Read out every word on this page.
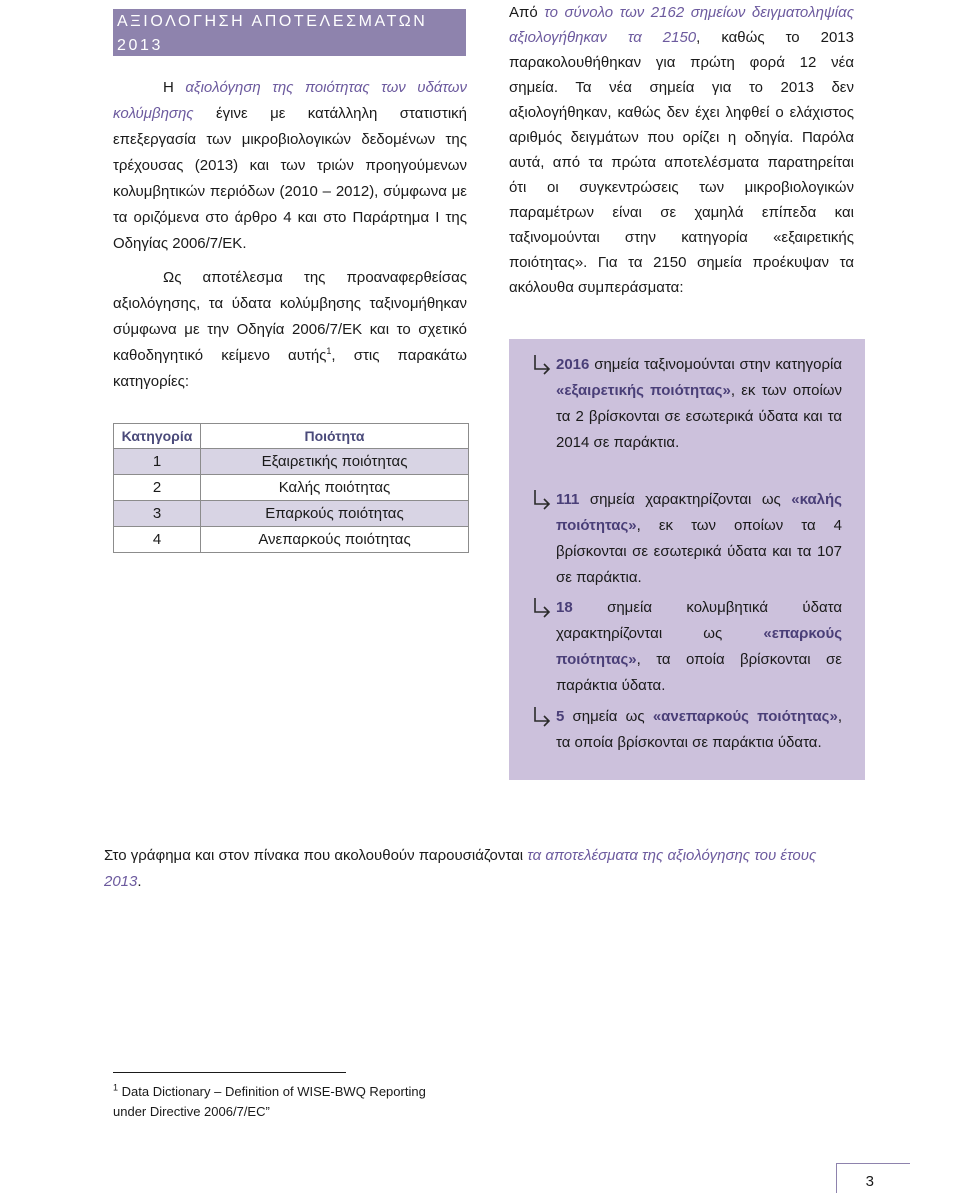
ΑΞΙΟΛΟΓΗΣΗ ΑΠΟΤΕΛΕΣΜΑΤΩΝ 2013

Η αξιολόγηση της ποιότητας των υδάτων κολύμβησης έγινε με κατάλληλη στατιστική επεξεργασία των μικροβιολογικών δεδομένων της τρέχουσας (2013) και των τριών προηγούμενων κολυμβητικών περιόδων (2010 – 2012), σύμφωνα με τα οριζόμενα στο άρθρο 4 και στο Παράρτημα Ι της Οδηγίας 2006/7/ΕΚ.

Ως αποτέλεσμα της προαναφερθείσας αξιολόγησης, τα ύδατα κολύμβησης ταξινομήθηκαν σύμφωνα με την Οδηγία 2006/7/ΕΚ και το σχετικό καθοδηγητικό κείμενο αυτής$^1$, στις παρακάτω κατηγορίες:

Κατηγορία	Ποιότητα
1	Εξαιρετικής ποιότητας
2	Καλής ποιότητας
3	Επαρκούς ποιότητας
4	Ανεπαρκούς ποιότητας

Από το σύνολο των 2162 σημείων δειγματοληψίας αξιολογήθηκαν τα 2150, καθώς το 2013 παρακολουθήθηκαν για πρώτη φορά 12 νέα σημεία. Τα νέα σημεία για το 2013 δεν αξιολογήθηκαν, καθώς δεν έχει ληφθεί ο ελάχιστος αριθμός δειγμάτων που ορίζει η οδηγία. Παρόλα αυτά, από τα πρώτα αποτελέσματα παρατηρείται ότι οι συγκεντρώσεις των μικροβιολογικών παραμέτρων είναι σε χαμηλά επίπεδα και ταξινομούνται στην κατηγορία «εξαιρετικής ποιότητας». Για τα 2150 σημεία προέκυψαν τα ακόλουθα συμπεράσματα:

2016 σημεία ταξινομούνται στην κατηγορία «εξαιρετικής ποιότητας», εκ των οποίων τα 2 βρίσκονται σε εσωτερικά ύδατα και τα 2014 σε παράκτια.
111 σημεία χαρακτηρίζονται ως «καλής ποιότητας», εκ των οποίων τα 4 βρίσκονται σε εσωτερικά ύδατα και τα 107 σε παράκτια.
18 σημεία κολυμβητικά ύδατα χαρακτηρίζονται ως «επαρκούς ποιότητας», τα οποία βρίσκονται σε παράκτια ύδατα.
5 σημεία ως «ανεπαρκούς ποιότητας», τα οποία βρίσκονται σε παράκτια ύδατα.
Στο γράφημα και στον πίνακα που ακολουθούν παρουσιάζονται τα αποτελέσματα της αξιολόγησης του έτους 2013.
$^1$ Data Dictionary – Definition of WISE-BWQ Reporting under Directive 2006/7/EC”
3
